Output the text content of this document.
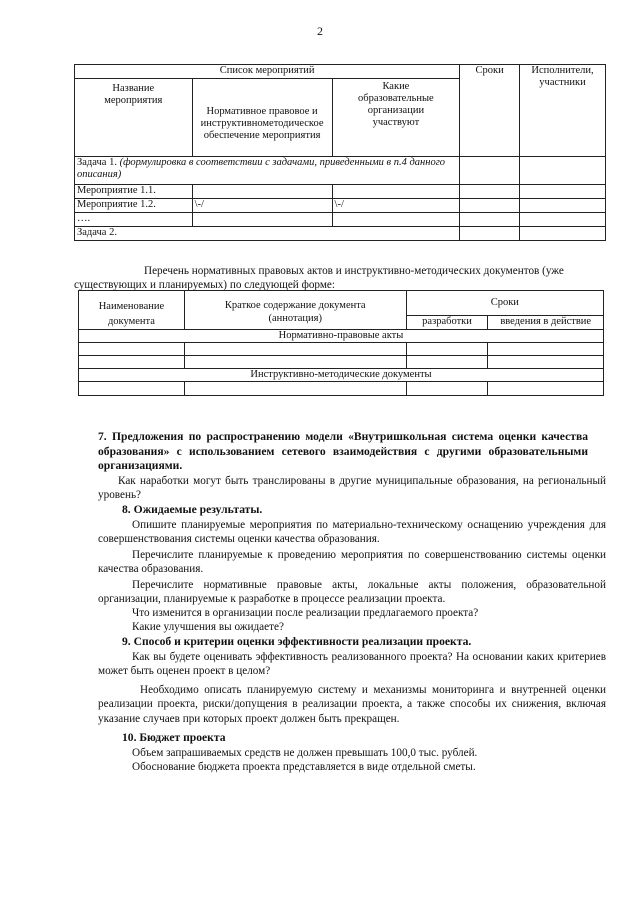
2
Список мероприятий			Сроки	Исполнители, участники

Название мероприятия	Нормативное правовое и инструктивнометодическое обеспечение мероприятия	Какие образовательные организации участвуют		

Задача 1. (формулировка в соответствии с задачами, приведенными в п.4 данного описания)				
Мероприятие 1.1.				
Мероприятие 1.2.	\-/	\-/		
….				
Задача 2.				
Перечень нормативных правовых актов и инструктивно-методических документов (уже существующих и планируемых) по следующей форме:
Наименование документа	Краткое содержание документа (аннотация)	Сроки	
		разработки	введения в действие
Нормативно-правовые акты			

Инструктивно-методические документы			

7. Предложения по распространению модели «Внутришкольная система оценки качества образования» с использованием сетевого взаимодействия с другими образовательными организациями.
Как наработки могут быть транслированы в другие муниципальные образования, на региональный уровень?
8. Ожидаемые результаты.
Опишите планируемые мероприятия по материально-техническому оснащению учреждения для совершенствования системы оценки качества образования.
Перечислите планируемые к проведению мероприятия по совершенствованию системы оценки качества образования.
Перечислите нормативные правовые акты, локальные акты положения, образовательной организации, планируемые к разработке в процессе реализации проекта.
Что изменится в организации после реализации предлагаемого проекта?
Какие улучшения вы ожидаете?
9. Способ и критерии оценки эффективности реализации проекта.
Как вы будете оценивать эффективность реализованного проекта? На основании каких критериев может быть оценен проект в целом?
Необходимо описать планируемую систему и механизмы мониторинга и внутренней оценки реализации проекта, риски/допущения в реализации проекта, а также способы их снижения, включая указание случаев при которых проект должен быть прекращен.
10. Бюджет проекта
Объем запрашиваемых средств не должен превышать 100,0 тыс. рублей.
Обоснование бюджета проекта представляется в виде отдельной сметы.
